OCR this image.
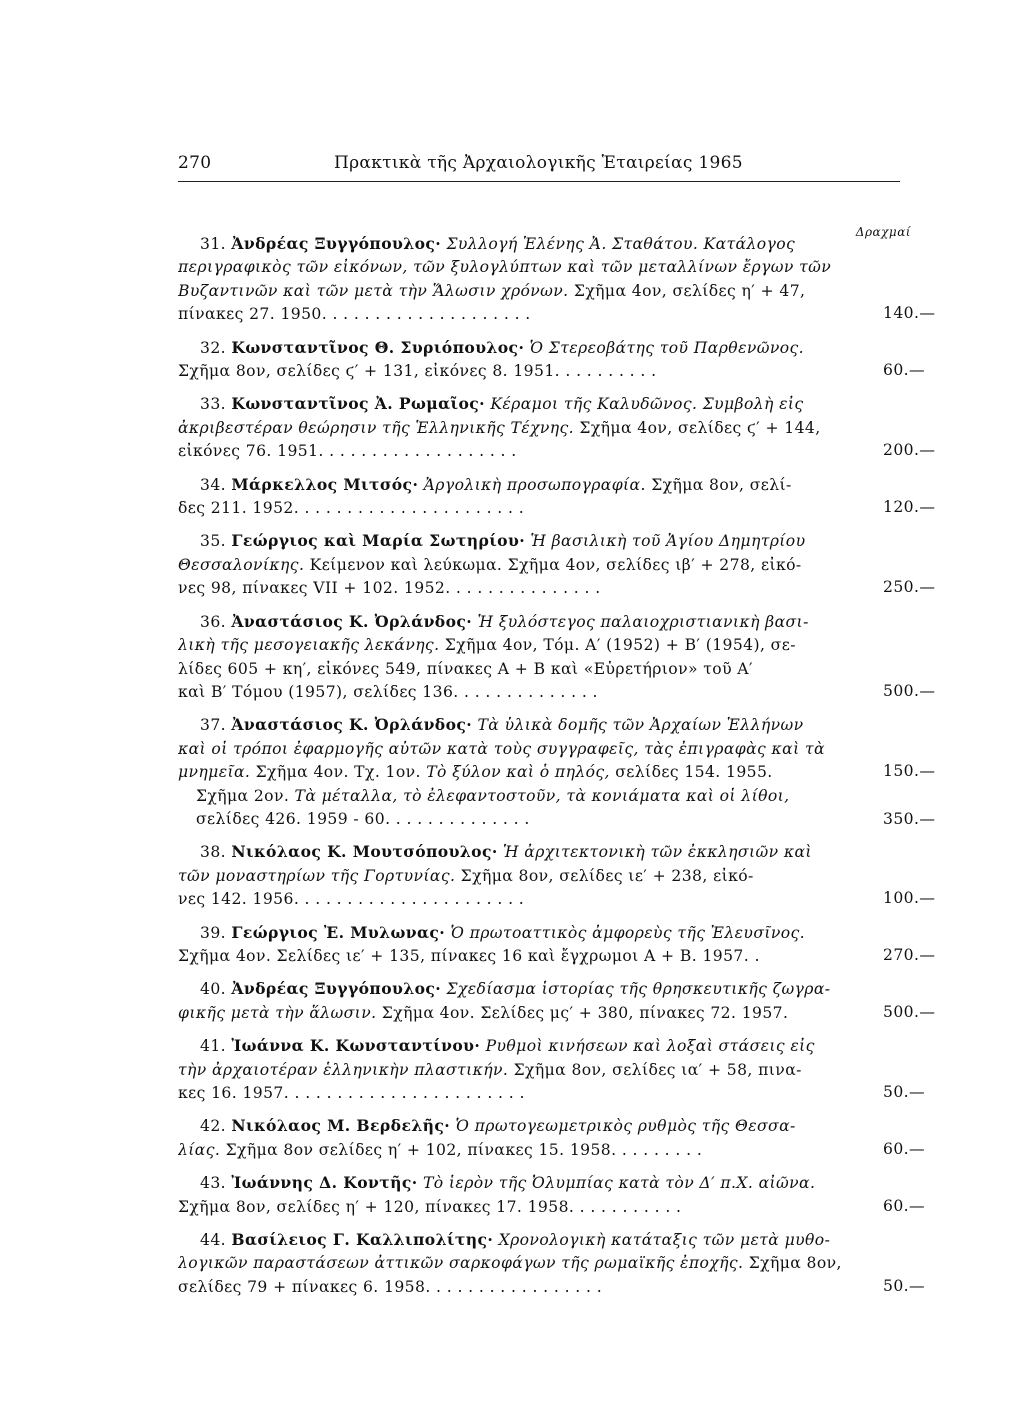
270	Πρακτικὰ τῆς Ἀρχαιολογικῆς Ἑταιρείας 1965
Δραχμαί
31. Ἀνδρέας Ξυγγόπουλος· Συλλογή Ἑλένης Ἀ. Σταθάτου. Κατάλογος
περιγραφικὸς τῶν εἰκόνων, τῶν ξυλογλύπτων καὶ τῶν μεταλλίνων ἔργων τῶν
Βυζαντινῶν καὶ τῶν μετὰ τὴν Ἅλωσιν χρόνων. Σχῆμα 4ον, σελίδες η′ + 47,
πίνακες 27. 1950. . . . . . . . . . . . . . . . . . . .	140.—
32. Κωνσταντῖνος Θ. Συριόπουλος· Ὁ Στερεοβάτης τοῦ Παρθενῶνος.
Σχῆμα 8ον, σελίδες ϛ′ + 131, εἰκόνες 8. 1951. . . . . . . . . .	60.—
33. Κωνσταντῖνος Ἀ. Ρωμαῖος· Κέραμοι τῆς Καλυδῶνος. Συμβολὴ εἰς
ἀκριβεστέραν θεώρησιν τῆς Ἑλληνικῆς Τέχνης. Σχῆμα 4ον, σελίδες ϛ′ + 144,
εἰκόνες 76. 1951. . . . . . . . . . . . . . . . . . .	200.—
34. Μάρκελλος Μιτσός· Ἀργολικὴ προσωπογραφία. Σχῆμα 8ον, σελί-
δες 211. 1952. . . . . . . . . . . . . . . . . . . . . .	120.—
35. Γεώργιος καὶ Μαρία Σωτηρίου· Ἡ βασιλικὴ τοῦ Ἁγίου Δημητρίου
Θεσσαλονίκης. Κείμενον καὶ λεύκωμα. Σχῆμα 4ον, σελίδες ιβ′ + 278, εἰκό-
νες 98, πίνακες VII + 102. 1952. . . . . . . . . . . . . . .	250.—
36. Ἀναστάσιος Κ. Ὀρλάνδος· Ἡ ξυλόστεγος παλαιοχριστιανικὴ βασι-
λικὴ τῆς μεσογειακῆς λεκάνης. Σχῆμα 4ον, Τόμ. Α′ (1952) + Β′ (1954), σε-
λίδες 605 + κη′, εἰκόνες 549, πίνακες Α + Β καὶ «Εὑρετήριον» τοῦ Α′
καὶ Β′ Τόμου (1957), σελίδες 136. . . . . . . . . . . . . .	500.—
37. Ἀναστάσιος Κ. Ὀρλάνδος· Τὰ ὑλικὰ δομῆς τῶν Ἀρχαίων Ἑλλήνων
καὶ οἱ τρόποι ἐφαρμογῆς αὐτῶν κατὰ τοὺς συγγραφεῖς, τὰς ἐπιγραφὰς καὶ τὰ
μνημεῖα. Σχῆμα 4ον. Τχ. 1ον. Τὸ ξύλον καὶ ὁ πηλός, σελίδες 154. 1955.	150.—
Σχῆμα 2ον. Τὰ μέταλλα, τὸ ἐλεφαντοστοῦν, τὰ κονιάματα καὶ οἱ λίθοι,
σελίδες 426. 1959 - 60. . . . . . . . . . . . . .	350.—
38. Νικόλαος Κ. Μουτσόπουλος· Ἡ ἀρχιτεκτονικὴ τῶν ἐκκλησιῶν καὶ
τῶν μοναστηρίων τῆς Γορτυνίας. Σχῆμα 8ον, σελίδες ιε′ + 238, εἰκό-
νες 142. 1956. . . . . . . . . . . . . . . . . . . . . .	100.—
39. Γεώργιος Ἐ. Μυλωνας· Ὁ πρωτοαττικὸς ἀμφορεὺς τῆς Ἐλευσῖνος.
Σχῆμα 4ον. Σελίδες ιε′ + 135, πίνακες 16 καὶ ἔγχρωμοι Α + Β. 1957. .	270.—
40. Ἀνδρέας Ξυγγόπουλος· Σχεδίασμα ἱστορίας τῆς θρησκευτικῆς ζωγρα-
φικῆς μετὰ τὴν ἅλωσιν. Σχῆμα 4ον. Σελίδες μς′ + 380, πίνακες 72. 1957.	500.—
41. Ἰωάννα Κ. Κωνσταντίνου· Ρυθμοὶ κινήσεων καὶ λοξαὶ στάσεις εἰς
τὴν ἀρχαιοτέραν ἑλληνικὴν πλαστικήν. Σχῆμα 8ον, σελίδες ια′ + 58, πινα-
κες 16. 1957. . . . . . . . . . . . . . . . . . . . . . .	50.—
42. Νικόλαος Μ. Βερδελῆς· Ὁ πρωτογεωμετρικὸς ρυθμὸς τῆς Θεσσα-
λίας. Σχῆμα 8ον σελίδες η′ + 102, πίνακες 15. 1958. . . . . . . . .	60.—
43. Ἰωάννης Δ. Κοντῆς· Τὸ ἱερὸν τῆς Ὀλυμπίας κατὰ τὸν Δ′ π.Χ. αἰῶνα.
Σχῆμα 8ον, σελίδες η′ + 120, πίνακες 17. 1958. . . . . . . . . . .	60.—
44. Βασίλειος Γ. Καλλιπολίτης· Χρονολογικὴ κατάταξις τῶν μετὰ μυθο-
λογικῶν παραστάσεων ἀττικῶν σαρκοφάγων τῆς ρωμαϊκῆς ἐποχῆς. Σχῆμα 8ον,
σελίδες 79 + πίνακες 6. 1958. . . . . . . . . . . . . . . . .	50.—
